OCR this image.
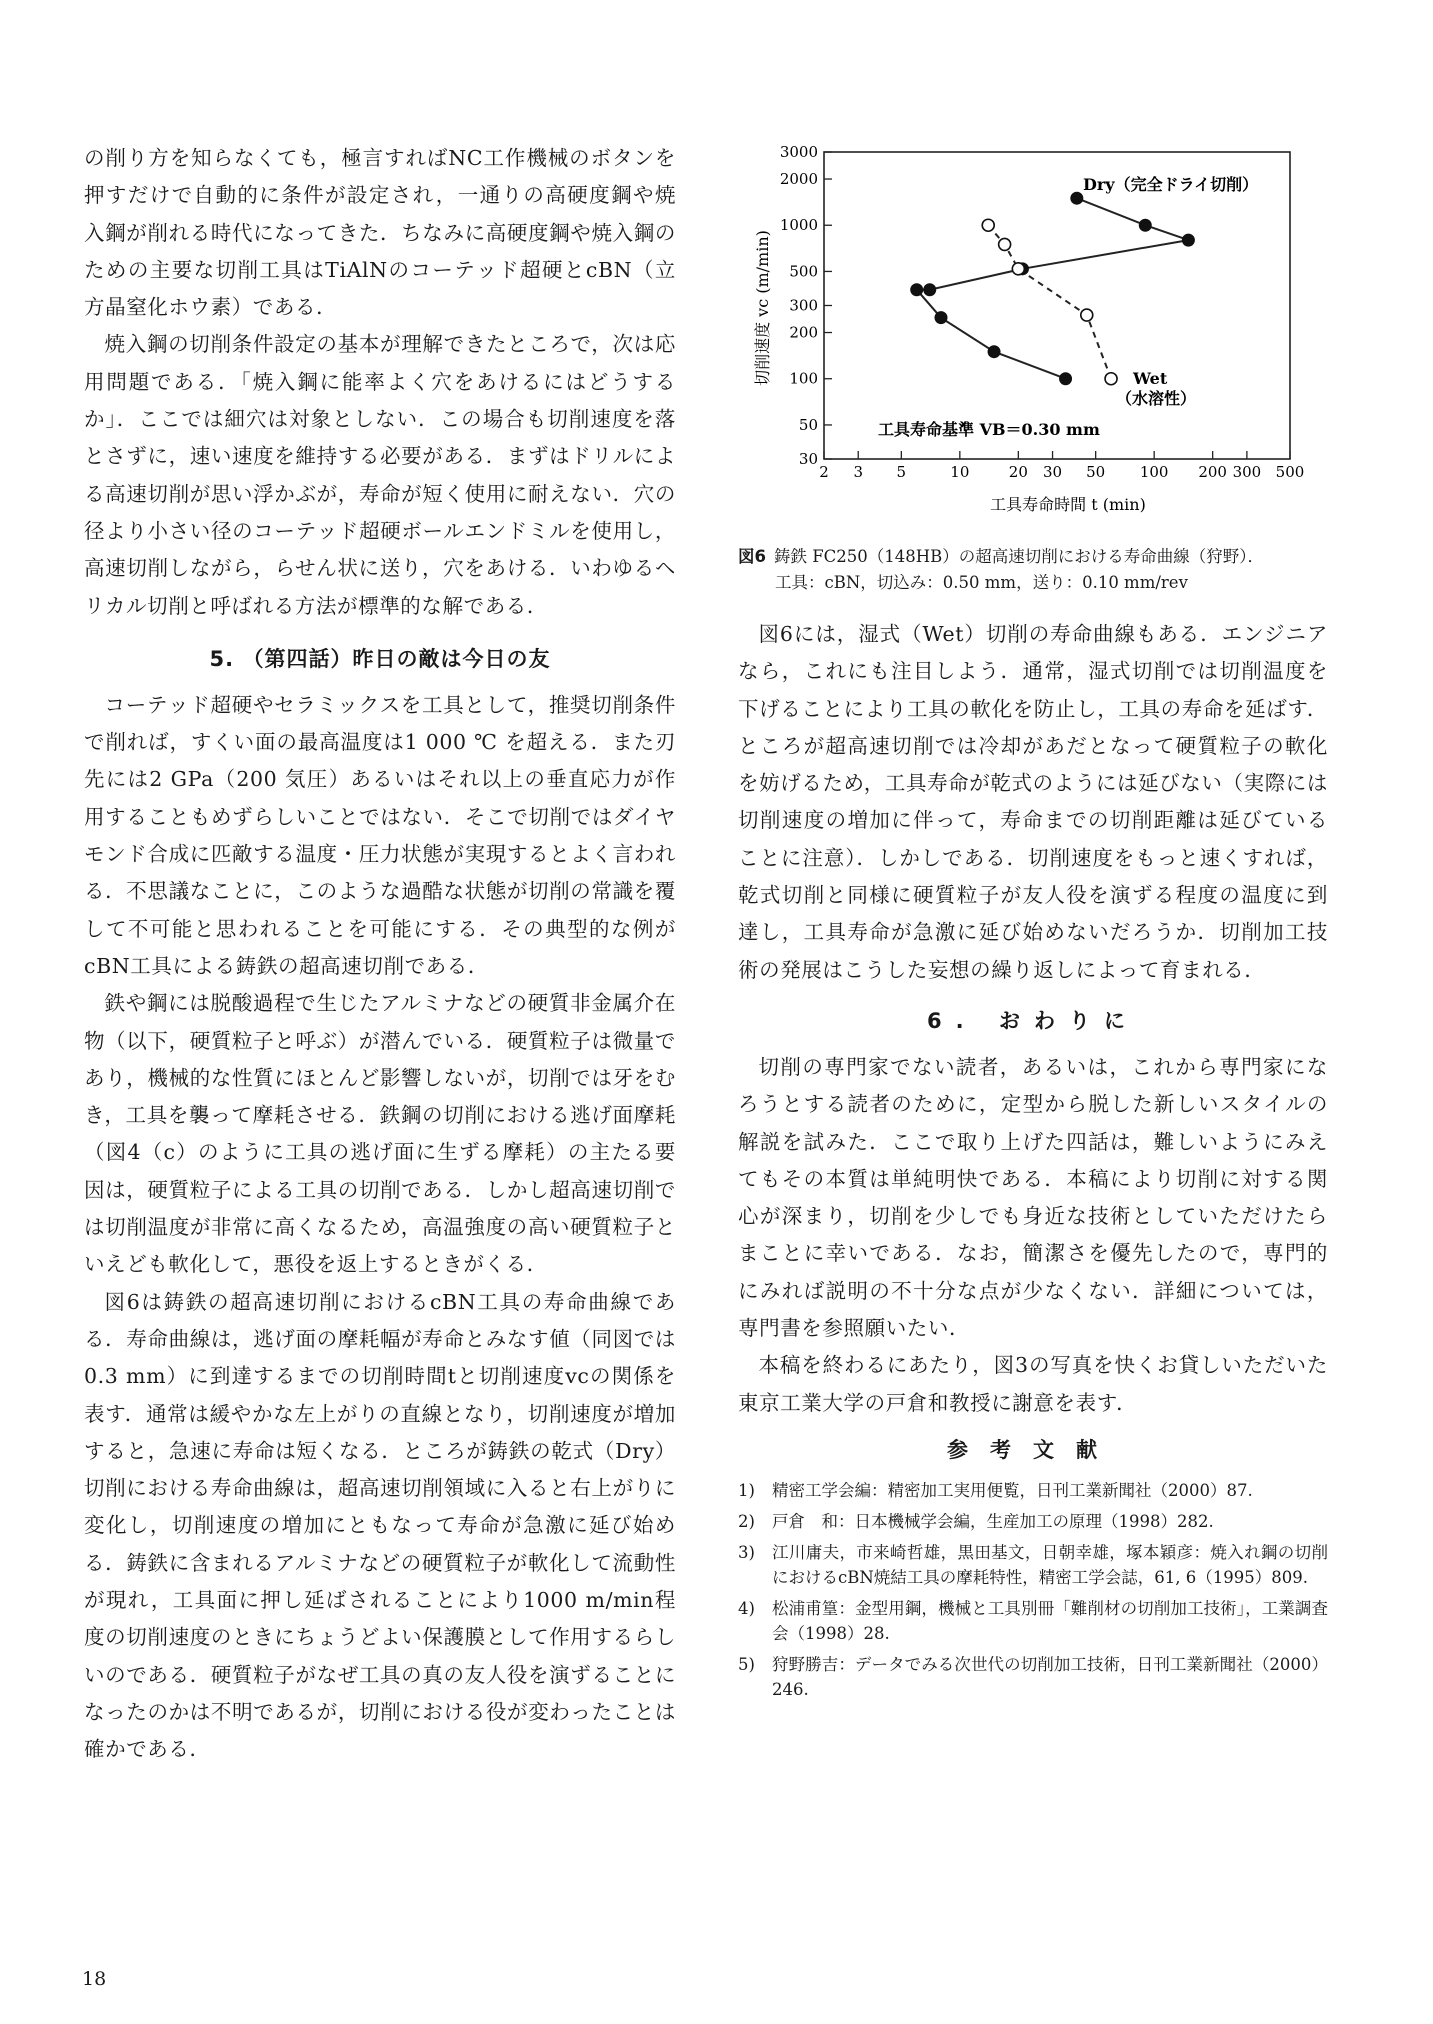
の削り方を知らなくても，極言すればNC工作機械のボタンを押すだけで自動的に条件が設定され，一通りの高硬度鋼や焼入鋼が削れる時代になってきた．ちなみに高硬度鋼や焼入鋼のための主要な切削工具はTiAlNのコーテッド超硬とcBN（立方晶窒化ホウ素）である．

焼入鋼の切削条件設定の基本が理解できたところで，次は応用問題である．「焼入鋼に能率よく穴をあけるにはどうするか」．ここでは細穴は対象としない．この場合も切削速度を落とさずに，速い速度を維持する必要がある．まずはドリルによる高速切削が思い浮かぶが，寿命が短く使用に耐えない．穴の径より小さい径のコーテッド超硬ボールエンドミルを使用し，高速切削しながら，らせん状に送り，穴をあける．いわゆるヘリカル切削と呼ばれる方法が標準的な解である．

5. （第四話）昨日の敵は今日の友

コーテッド超硬やセラミックスを工具として，推奨切削条件で削れば，すくい面の最高温度は1 000 ℃ を超える．また刃先には2 GPa（200 気圧）あるいはそれ以上の垂直応力が作用することもめずらしいことではない．そこで切削ではダイヤモンド合成に匹敵する温度・圧力状態が実現するとよく言われる．不思議なことに，このような過酷な状態が切削の常識を覆して不可能と思われることを可能にする．その典型的な例がcBN工具による鋳鉄の超高速切削である．

鉄や鋼には脱酸過程で生じたアルミナなどの硬質非金属介在物（以下，硬質粒子と呼ぶ）が潜んでいる．硬質粒子は微量であり，機械的な性質にほとんど影響しないが，切削では牙をむき，工具を襲って摩耗させる．鉄鋼の切削における逃げ面摩耗（図4（c）のように工具の逃げ面に生ずる摩耗）の主たる要因は，硬質粒子による工具の切削である．しかし超高速切削では切削温度が非常に高くなるため，高温強度の高い硬質粒子といえども軟化して，悪役を返上するときがくる．

図6は鋳鉄の超高速切削におけるcBN工具の寿命曲線である．寿命曲線は，逃げ面の摩耗幅が寿命とみなす値（同図では0.3 mm）に到達するまでの切削時間tと切削速度vcの関係を表す．通常は緩やかな左上がりの直線となり，切削速度が増加すると，急速に寿命は短くなる．ところが鋳鉄の乾式（Dry）切削における寿命曲線は，超高速切削領域に入ると右上がりに変化し，切削速度の増加にともなって寿命が急激に延び始める．鋳鉄に含まれるアルミナなどの硬質粒子が軟化して流動性が現れ，工具面に押し延ばされることにより1000 m/min程度の切削速度のときにちょうどよい保護膜として作用するらしいのである．硬質粒子がなぜ工具の真の友人役を演ずることになったのかは不明であるが，切削における役が変わったことは確かである．

2 3 5	10	20 30 50 100 200 300 500
30
50
100
200
300
500
1000
2000
3000
Dry（完全ドライ切削）
Wet
（水溶性）
工具寿命基準 VB＝0.30 mm
工具寿命時間 t (min)
切削速度 vc (m/min)
図6 鋳鉄 FC250（148HB）の超高速切削における寿命曲線（狩野）．
工具：cBN，切込み：0.50 mm，送り：0.10 mm/rev

図6には，湿式（Wet）切削の寿命曲線もある．エンジニアなら，これにも注目しよう．通常，湿式切削では切削温度を下げることにより工具の軟化を防止し，工具の寿命を延ばす．ところが超高速切削では冷却があだとなって硬質粒子の軟化を妨げるため，工具寿命が乾式のようには延びない（実際には切削速度の増加に伴って，寿命までの切削距離は延びていることに注意）．しかしである．切削速度をもっと速くすれば，乾式切削と同様に硬質粒子が友人役を演ずる程度の温度に到達し，工具寿命が急激に延び始めないだろうか．切削加工技術の発展はこうした妄想の繰り返しによって育まれる．

6. おわりに

切削の専門家でない読者，あるいは，これから専門家になろうとする読者のために，定型から脱した新しいスタイルの解説を試みた．ここで取り上げた四話は，難しいようにみえてもその本質は単純明快である．本稿により切削に対する関心が深まり，切削を少しでも身近な技術としていただけたらまことに幸いである．なお，簡潔さを優先したので，専門的にみれば説明の不十分な点が少なくない．詳細については，専門書を参照願いたい．

本稿を終わるにあたり，図3の写真を快くお貸しいただいた東京工業大学の戸倉和教授に謝意を表す．

参考文献
1)	精密工学会編：精密加工実用便覧，日刊工業新聞社（2000）87.
2)	戸倉　和：日本機械学会編，生産加工の原理（1998）282.
3)	江川庸夫，市来崎哲雄，黒田基文，日朝幸雄，塚本穎彦：焼入れ鋼の切削におけるcBN焼結工具の摩耗特性，精密工学会誌，61, 6（1995）809.
4)	松浦甫篁：金型用鋼，機械と工具別冊「難削材の切削加工技術」，工業調査会（1998）28.
5)	狩野勝吉：データでみる次世代の切削加工技術，日刊工業新聞社（2000）246.
18
